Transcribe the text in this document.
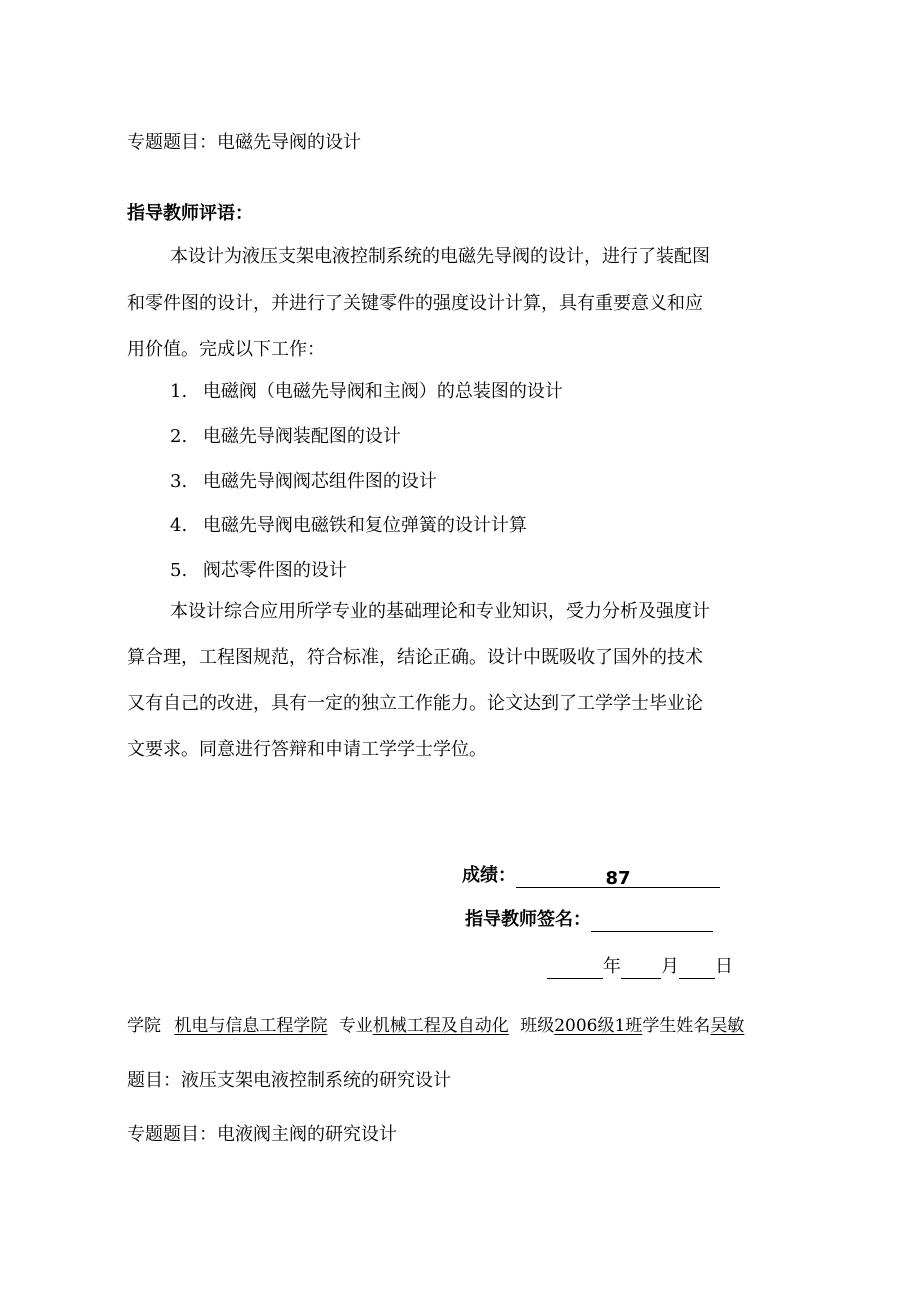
专题题目：电磁先导阀的设计
指导教师评语：
本设计为液压支架电液控制系统的电磁先导阀的设计，进行了装配图
和零件图的设计，并进行了关键零件的强度设计计算，具有重要意义和应
用价值。完成以下工作：
1. 电磁阀（电磁先导阀和主阀）的总装图的设计
2. 电磁先导阀装配图的设计
3. 电磁先导阀阀芯组件图的设计
4. 电磁先导阀电磁铁和复位弹簧的设计计算
5. 阀芯零件图的设计
本设计综合应用所学专业的基础理论和专业知识，受力分析及强度计
算合理，工程图规范，符合标准，结论正确。设计中既吸收了国外的技术
又有自己的改进，具有一定的独立工作能力。论文达到了工学学士毕业论
文要求。同意进行答辩和申请工学学士学位。
成绩：	87
指导教师签名：
年 月 日
学院 机电与信息工程学院 专业机械工程及自动化 班级2006级1班学生姓名吴敏
题目：液压支架电液控制系统的研究设计
专题题目：电液阀主阀的研究设计
